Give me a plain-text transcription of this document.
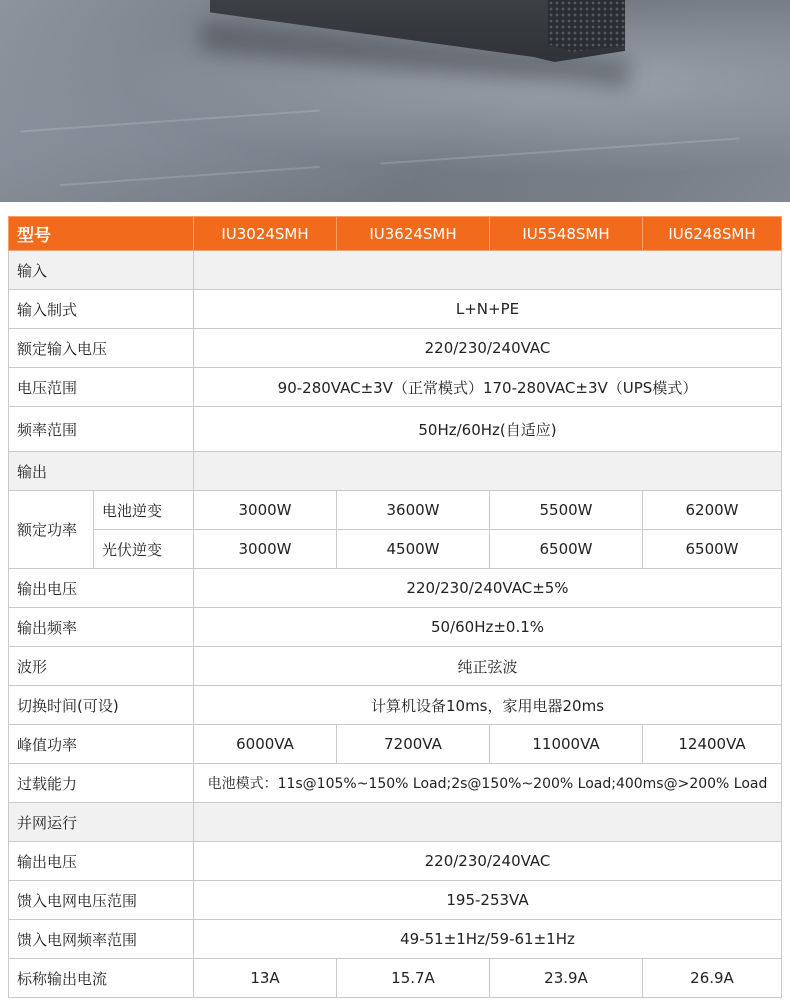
型号		IU3024SMH	IU3624SMH	IU5548SMH	IU6248SMH
输入					
输入制式		L+N+PE			
额定输入电压		220/230/240VAC			
电压范围		90-280VAC±3V（正常模式）170-280VAC±3V（UPS模式）			
频率范围		50Hz/60Hz(自适应)			
输出					
额定功率	电池逆变	3000W	3600W	5500W	6200W
	光伏逆变	3000W	4500W	6500W	6500W
输出电压		220/230/240VAC±5%			
输出频率		50/60Hz±0.1%			
波形		纯正弦波			
切换时间(可设)		计算机设备10ms，家用电器20ms			
峰值功率		6000VA	7200VA	11000VA	12400VA
过载能力		电池模式：11s@105%~150% Load;2s@150%~200% Load;400ms@>200% Load			
并网运行					
输出电压		220/230/240VAC			
馈入电网电压范围		195-253VA			
馈入电网频率范围		49-51±1Hz/59-61±1Hz			
标称输出电流		13A	15.7A	23.9A	26.9A
